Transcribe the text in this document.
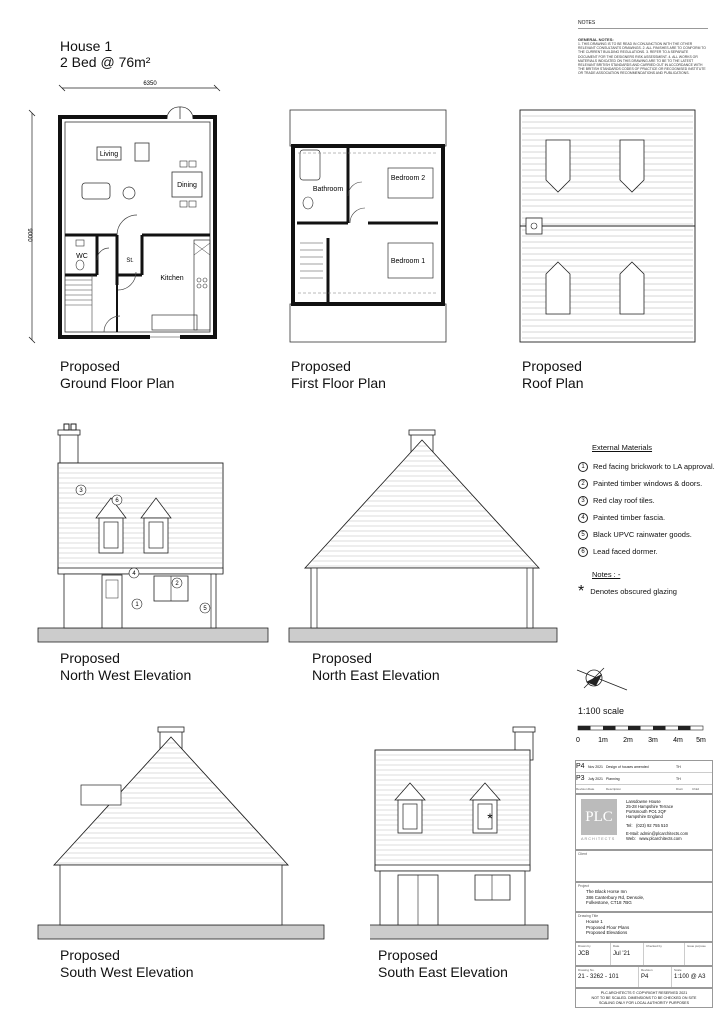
House 1
2 Bed @ 76m²
NOTES
GENERAL NOTES:
1. THIS DRAWING IS TO BE READ IN CONJUNCTION WITH THE OTHER RELEVANT CONSULTANTS DRAWINGS. 2. ALL FINISHES ARE TO CONFORM TO THE CURRENT BUILDING REGULATIONS. 3. REFER TO A SEPARATE DOCUMENT FOR THE DESIGNERS RISK ASSESSMENT. 4. ALL WORKS OR MATERIALS INDICATED ON THIS DRAWING ARE TO BE TO THE LATEST RELEVANT BRITISH STANDARDS AND CARRIED OUT IN ACCORDANCE WITH THE BRITISH STANDARDS CODES OF PRACTICE OR RECOGNISED INSTITUTE OR TRADE ASSOCIATION RECOMMENDATIONS AND PUBLICATIONS.
6350
9000
Living
Dining
WC
St.
Kitchen
Bathroom
Bedroom 2
Bedroom 1
Proposed
Ground Floor Plan
Proposed
First Floor Plan
Proposed
Roof Plan
3
6
4
2
1
5
Proposed
North West Elevation
Proposed
North East Elevation
*
Proposed
South West Elevation
Proposed
South East Elevation
External Materials
1	Red facing brickwork to LA approval.
2	Painted timber windows & doors.
3	Red clay roof tiles.
4	Painted timber fascia.
5	Black UPVC rainwater goods.
6	Lead faced dormer.
Notes : -
* Denotes obscured glazing
1:100 scale
0	1m 2m 3m 4m 5m
P4 Nov 2021 Design of houses amended	TH
P3 July 2021 Planning	TH
Revision Date	Description	Drwn	Chkd
PLC
ARCHITECTS
Lansdowne House
25-28 Hampshire Terrace
Portsmouth PO1 2QF
Hampshire England
Tel: (023) 92 755 510
E-Mail: admin@plcarchitects.com
Web: www.plcarchitects.com
Client
Project
The Black Horse Inn
386 Canterbury Rd, Densole,
Folkestone, CT18 7BG
Drawing Title
House 1
Proposed Floor Plans
Proposed Elevations
Drawn by
JCB
Date
Jul '21
Checked by	Issue purpose
Drawing No.
21 - 3262 - 101
Revision
P4
Scale
1:100 @ A3
PLC ARCHITECTS © COPYRIGHT RESERVED 2021
NOT TO BE SCALED. DIMENSIONS TO BE CHECKED ON SITE
SCALING ONLY FOR LOCAL AUTHORITY PURPOSES
